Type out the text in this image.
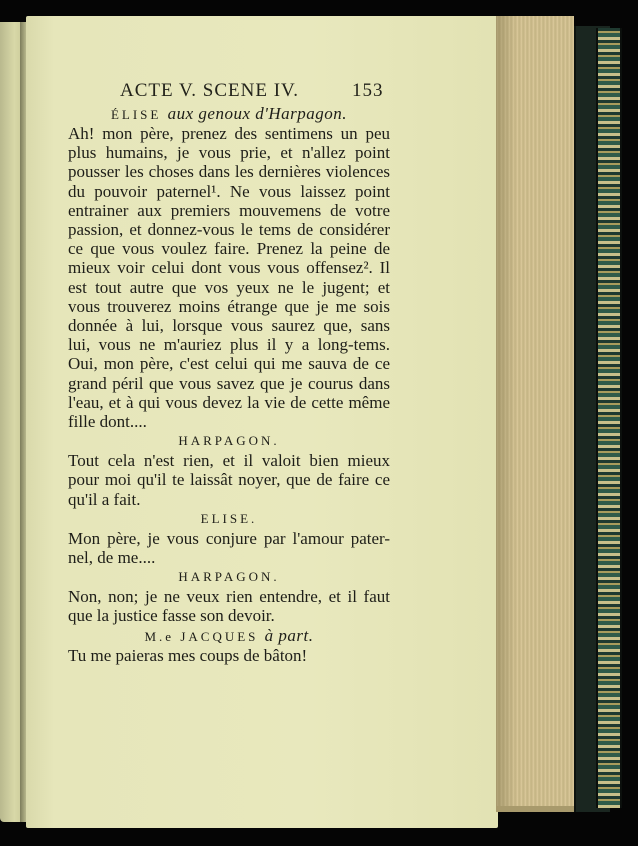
ACTE V. SCENE IV.	153
ÉLISE aux genoux d'Harpagon.
Ah! mon père, prenez des sentimens un peu
plus humains, je vous prie, et n'allez point
pousser les choses dans les dernières violences
du pouvoir paternel¹. Ne vous laissez point
entrainer aux premiers mouvemens de votre
passion, et donnez-vous le tems de considérer
ce que vous voulez faire. Prenez la peine de
mieux voir celui dont vous vous offensez². Il
est tout autre que vos yeux ne le jugent; et
vous trouverez moins étrange que je me sois
donnée à lui, lorsque vous saurez que, sans
lui, vous ne m'auriez plus il y a long-tems.
Oui, mon père, c'est celui qui me sauva de ce
grand péril que vous savez que je courus dans
l'eau, et à qui vous devez la vie de cette même
fille dont....
HARPAGON.
Tout cela n'est rien, et il valoit bien mieux
pour moi qu'il te laissât noyer, que de faire ce
qu'il a fait.
ELISE.
Mon père, je vous conjure par l'amour pater-
nel, de me....
HARPAGON.
Non, non; je ne veux rien entendre, et il faut
que la justice fasse son devoir.
M.e JACQUES à part.
Tu me paieras mes coups de bâton!
